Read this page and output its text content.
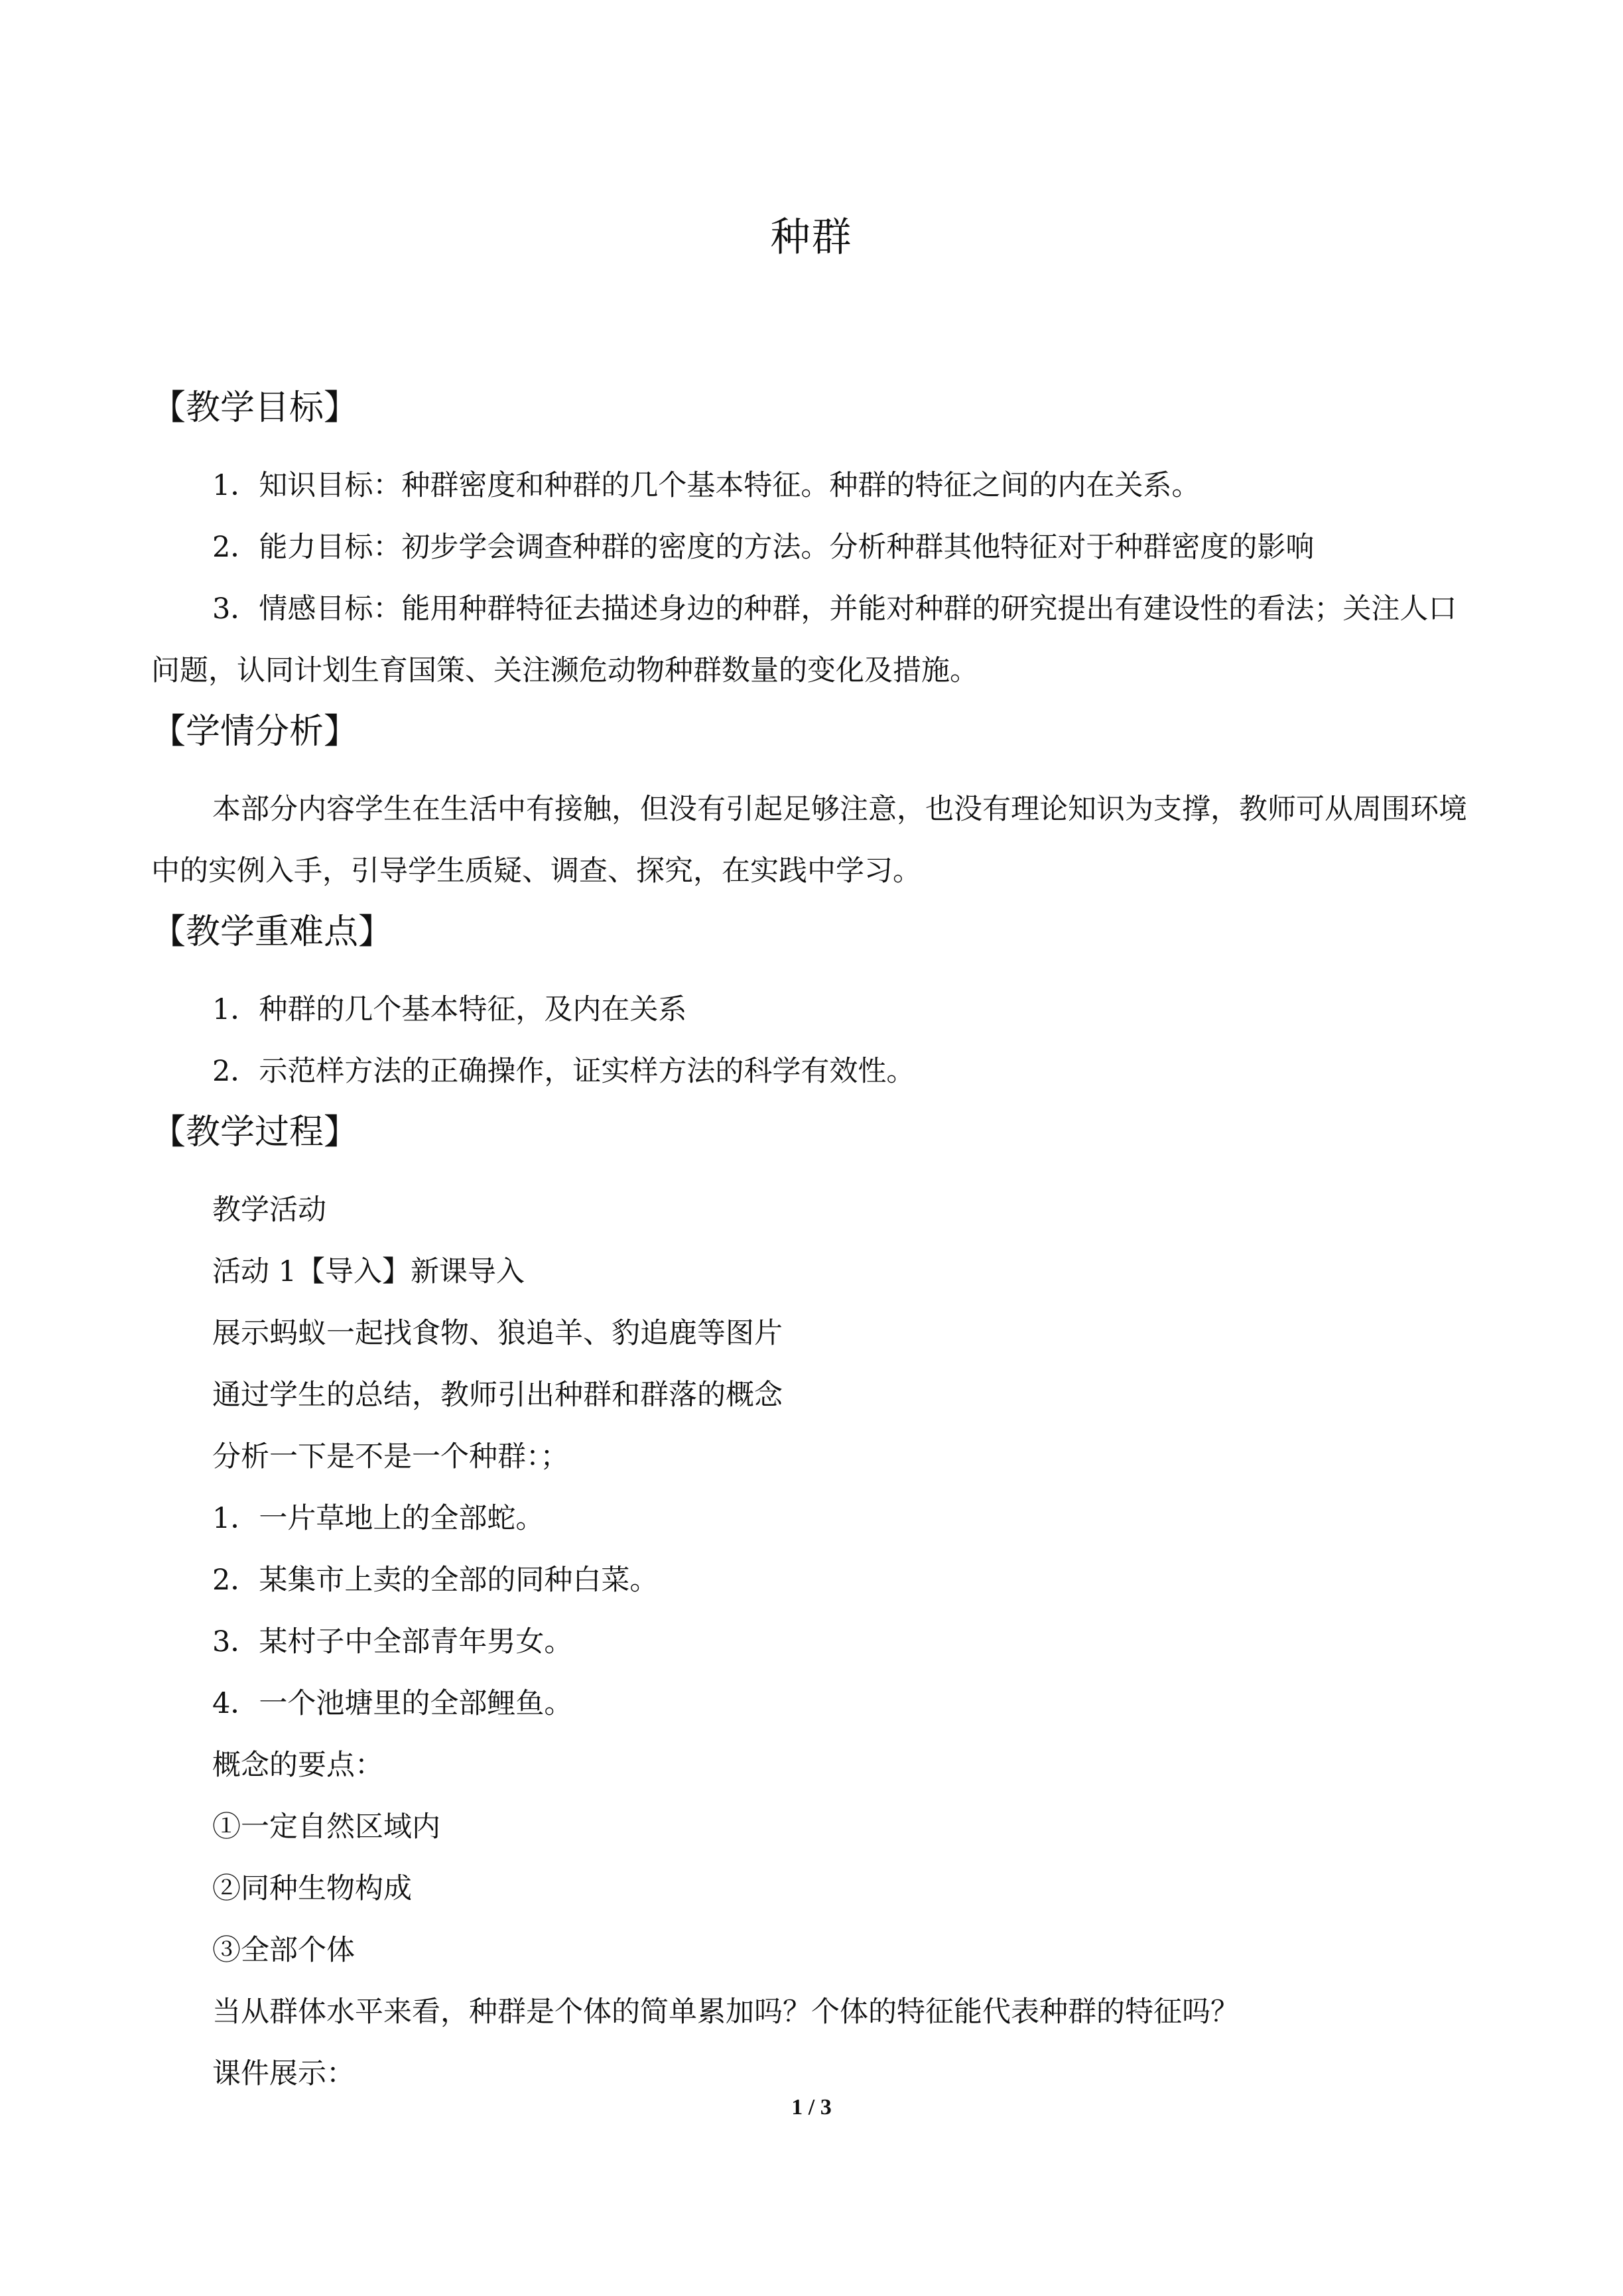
种群

【教学目标】

1．知识目标：种群密度和种群的几个基本特征。种群的特征之间的内在关系。

2．能力目标：初步学会调查种群的密度的方法。分析种群其他特征对于种群密度的影响

3．情感目标：能用种群特征去描述身边的种群，并能对种群的研究提出有建设性的看法；关注人口问题，认同计划生育国策、关注濒危动物种群数量的变化及措施。

【学情分析】

本部分内容学生在生活中有接触，但没有引起足够注意，也没有理论知识为支撑，教师可从周围环境中的实例入手，引导学生质疑、调查、探究，在实践中学习。

【教学重难点】

1．种群的几个基本特征，及内在关系

2．示范样方法的正确操作，证实样方法的科学有效性。

【教学过程】

教学活动

活动 1【导入】新课导入

展示蚂蚁一起找食物、狼追羊、豹追鹿等图片

通过学生的总结，教师引出种群和群落的概念

分析一下是不是一个种群：；

1．一片草地上的全部蛇。

2．某集市上卖的全部的同种白菜。

3．某村子中全部青年男女。

4．一个池塘里的全部鲤鱼。

概念的要点：

①一定自然区域内

②同种生物构成

③全部个体

当从群体水平来看，种群是个体的简单累加吗？个体的特征能代表种群的特征吗？

课件展示：

1 / 3
